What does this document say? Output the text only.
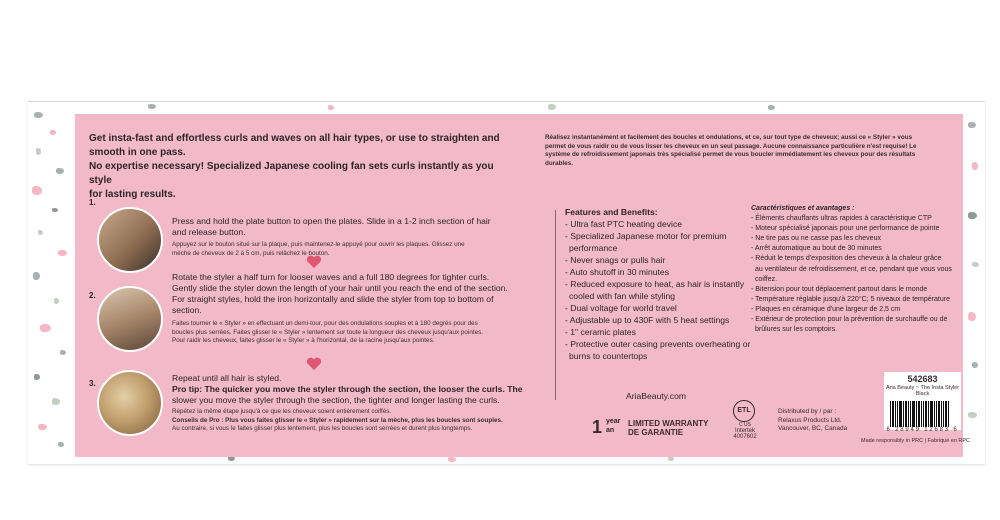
Get insta-fast and effortless curls and waves on all hair types, or use to straighten and
smooth in one pass.
No expertise necessary! Specialized Japanese cooling fan sets curls instantly as you style
for lasting results.
Réalisez instantanément et facilement des boucles et ondulations, et ce, sur tout type de cheveux; aussi ce « Styler » vous
permet de vous raidir ou de vous lisser les cheveux en un seul passage. Aucune connaissance particulière n'est requise! Le
système de refroidissement japonais très spécialisé permet de vous boucler immédiatement les cheveux pour des résultats
durables.
1.
Press and hold the plate button to open the plates. Slide in a 1-2 inch section of hair
and release button.
Appuyez sur le bouton situé sur la plaque, puis maintenez-le appuyé pour ouvrir les plaques. Glissez une
mèche de cheveux de 2 à 5 cm, puis relâchez le bouton.
2.
Rotate the styler a half turn for looser waves and a full 180 degrees for tighter curls.
Gently slide the styler down the length of your hair until you reach the end of the section.
For straight styles, hold the iron horizontally and slide the styler from top to bottom of
section.
Faites tourner le « Styler » en effectuant un demi-tour, pour des ondulations souples et à 180 degrés pour des
boucles plus serrées. Faites glisser le « Styler » lentement sur toute la longueur des cheveux jusqu'aux pointes.
Pour raidir les cheveux, faites glisser le « Styler » à l'horizontal, de la racine jusqu'aux pointes.
3.
Repeat until all hair is styled.
Pro tip: The quicker you move the styler through the section, the looser the curls. The
slower you move the styler through the section, the tighter and longer lasting the curls.
Répétez la même étape jusqu'à ce que les cheveux soient entièrement coiffés.
Conseils de Pro : Plus vous faites glisser le « Styler » rapidement sur la mèche, plus les boucles sont souples.
Au contraire, si vous le faites glisser plus lentement, plus les boucles sont serrées et durent plus longtemps.
Features and Benefits:
- Ultra fast PTC heating device
- Specialized Japanese motor for premium
performance
- Never snags or pulls hair
- Auto shutoff in 30 minutes
- Reduced exposure to heat, as hair is instantly
cooled with fan while styling
- Dual voltage for world travel
- Adjustable up to 430F with 5 heat settings
- 1" ceramic plates
- Protective outer casing prevents overheating or
burns to countertops
AriaBeauty.com
Caractéristiques et avantages :
- Éléments chauffants ultras rapides à caractéristique CTP
- Moteur spécialisé japonais pour une performance de pointe
- Ne tire pas ou ne casse pas les cheveux
- Arrêt automatique au bout de 30 minutes
- Réduit le temps d'exposition des cheveux à la chaleur grâce
au ventilateur de refroidissement, et ce, pendant que vous vous
coiffez.
- Bitension pour tout déplacement partout dans le monde
- Température réglable jusqu'à 220°C; 5 niveaux de température
- Plaques en céramique d'une largeur de 2,5 cm
- Extérieur de protection pour la prévention de surchauffe ou de
brûlures sur les comptoirs.
1 year
an
LIMITED WARRANTY
DE GARANTIE
ETL
C US
Intertek
4007602
Distributed by / par :
Relaxus Products Ltd.
Vancouver, BC, Canada
542683
Aria Beauty ~ The Insta Styler Black
6 28949 12683 6
Made responsibly in PRC | Fabriqué en RPC
